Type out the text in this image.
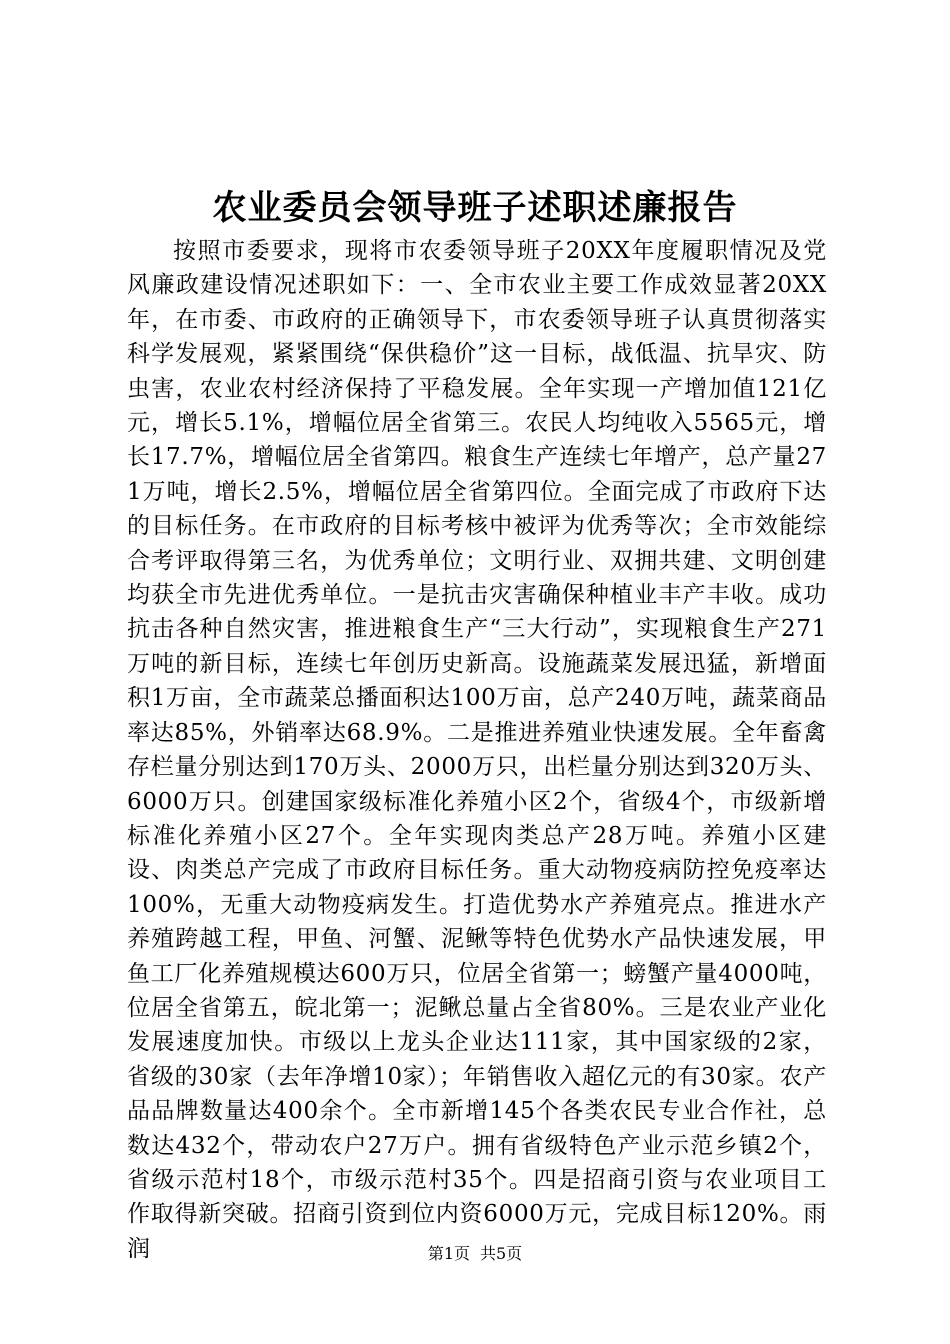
农业委员会领导班子述职述廉报告

按照市委要求，现将市农委领导班子20XX年度履职情况及党风廉政建设情况述职如下：一、全市农业主要工作成效显著20XX年，在市委、市政府的正确领导下，市农委领导班子认真贯彻落实科学发展观，紧紧围绕“保供稳价”这一目标，战低温、抗旱灾、防虫害，农业农村经济保持了平稳发展。全年实现一产增加值121亿元，增长5.1%，增幅位居全省第三。农民人均纯收入5565元，增长17.7%，增幅位居全省第四。粮食生产连续七年增产，总产量271万吨，增长2.5%，增幅位居全省第四位。全面完成了市政府下达的目标任务。在市政府的目标考核中被评为优秀等次；全市效能综合考评取得第三名，为优秀单位；文明行业、双拥共建、文明创建均获全市先进优秀单位。一是抗击灾害确保种植业丰产丰收。成功抗击各种自然灾害，推进粮食生产“三大行动”，实现粮食生产271万吨的新目标，连续七年创历史新高。设施蔬菜发展迅猛，新增面积1万亩，全市蔬菜总播面积达100万亩，总产240万吨，蔬菜商品率达85%，外销率达68.9%。二是推进养殖业快速发展。全年畜禽存栏量分别达到170万头、2000万只，出栏量分别达到320万头、6000万只。创建国家级标准化养殖小区2个，省级4个，市级新增标准化养殖小区27个。全年实现肉类总产28万吨。养殖小区建设、肉类总产完成了市政府目标任务。重大动物疫病防控免疫率达100%，无重大动物疫病发生。打造优势水产养殖亮点。推进水产养殖跨越工程，甲鱼、河蟹、泥鳅等特色优势水产品快速发展，甲鱼工厂化养殖规模达600万只，位居全省第一；螃蟹产量4000吨，位居全省第五，皖北第一；泥鳅总量占全省80%。三是农业产业化发展速度加快。市级以上龙头企业达111家，其中国家级的2家，省级的30家（去年净增10家）；年销售收入超亿元的有30家。农产品品牌数量达400余个。全市新增145个各类农民专业合作社，总数达432个，带动农户27万户。拥有省级特色产业示范乡镇2个，省级示范村18个，市级示范村35个。四是招商引资与农业项目工作取得新突破。招商引资到位内资6000万元，完成目标120%。雨润	第1页 共5页
